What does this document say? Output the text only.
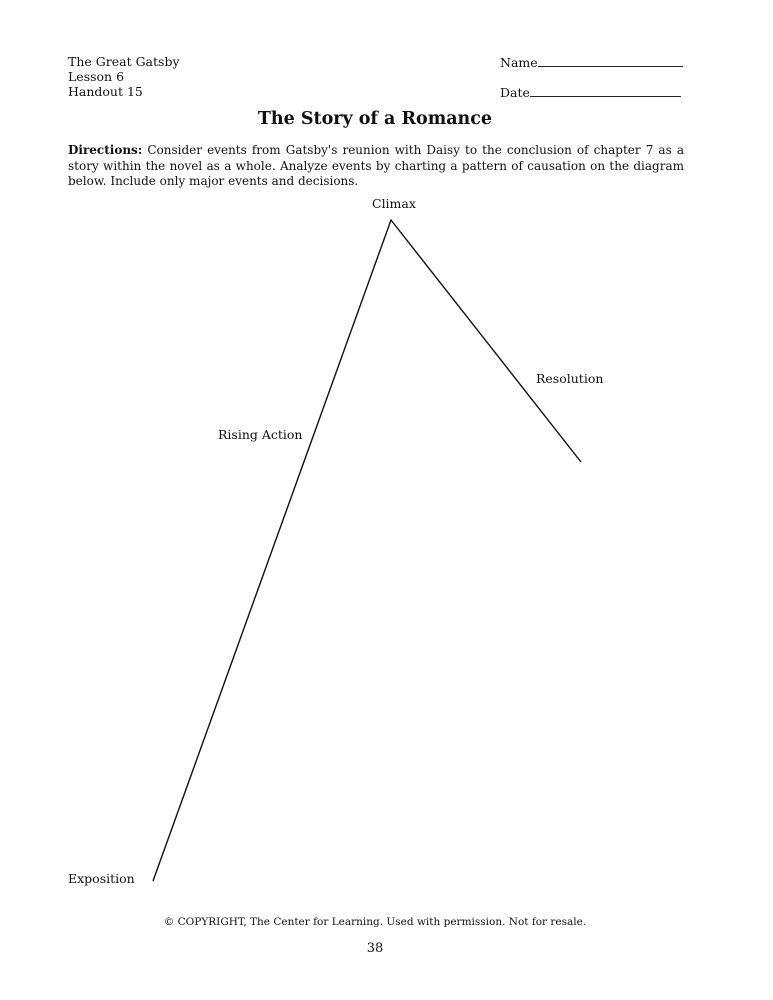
The Great Gatsby
Lesson 6
Handout 15
Name
Date
The Story of a Romance
Directions: Consider events from Gatsby's reunion with Daisy to the conclusion of chapter 7 as a story within the novel as a whole. Analyze events by charting a pattern of causation on the diagram below. Include only major events and decisions.
Climax
Rising Action
Resolution
Exposition
© COPYRIGHT, The Center for Learning. Used with permission. Not for resale.
38
